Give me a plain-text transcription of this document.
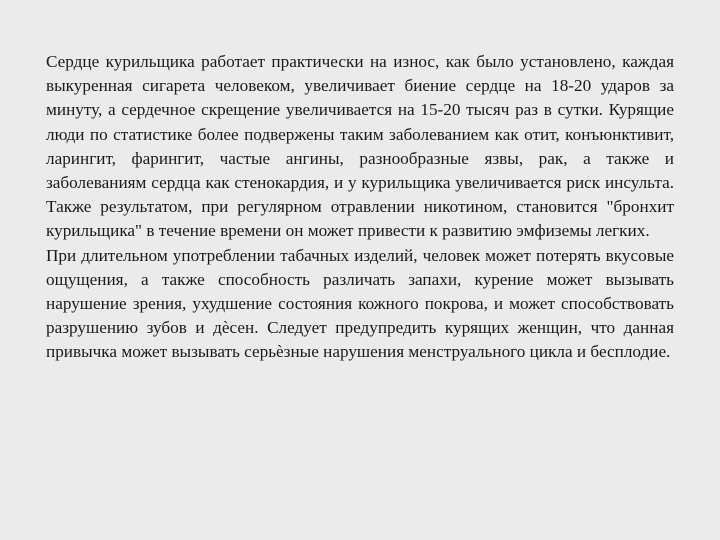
Сердце курильщика работает практически на износ, как было установлено, каждая выкуренная сигарета человеком, увеличивает биение сердце на 18-20 ударов за минуту, а сердечное скрещение увеличивается на 15-20 тысяч раз в сутки. Курящие люди по статистике более подвержены таким заболеванием как отит, конъюнктивит, ларингит, фарингит, частые ангины, разнообразные язвы, рак, а также и заболеваниям сердца как стенокардия, и у курильщика увеличивается риск инсульта. Также результатом, при регулярном отравлении никотином, становится "бронхит курильщика" в течение времени он может привести к развитию эмфиземы легких.

При длительном употреблении табачных изделий, человек может потерять вкусовые ощущения, а также способность различать запахи, курение может вызывать нарушение зрения, ухудшение состояния кожного покрова, и может способствовать разрушению зубов и дѐсен. Следует предупредить курящих женщин, что данная привычка может вызывать серьѐзные нарушения менструального цикла и бесплодие.
